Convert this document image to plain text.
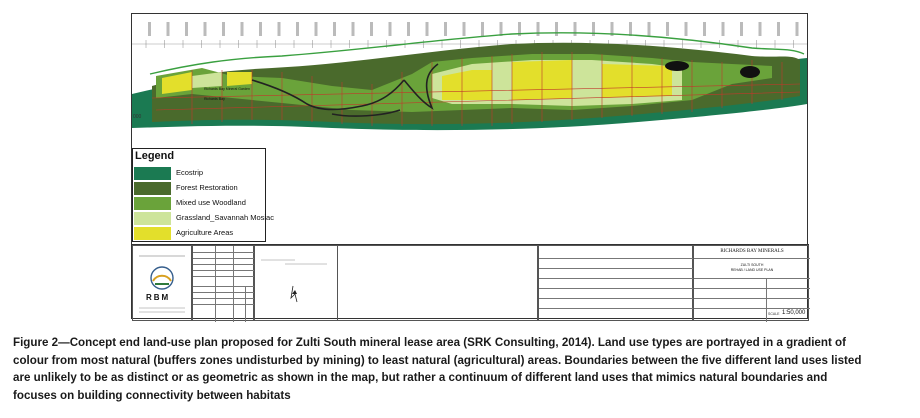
000
Richards Bay Mineral Garden
Richards Bay
Legend
Ecostrip
Forest Restoration
Mixed use Woodland
Grassland_Savannah Mosiac
Agriculture Areas
RBM
RICHARDS BAY MINERALS
ZULTI SOUTH
REHAB / LAND USE PLAN
SCALE 1:50,000
Figure 2—Concept end land-use plan proposed for Zulti South mineral lease area (SRK Consulting, 2014). Land use types are portrayed in a gradient of
colour from most natural (buffers zones undisturbed by mining) to least natural (agricultural) areas. Boundaries between the five different land uses listed
are unlikely to be as distinct or as geometric as shown in the map, but rather a continuum of different land uses that mimics natural boundaries and
focuses on building connectivity between habitats
